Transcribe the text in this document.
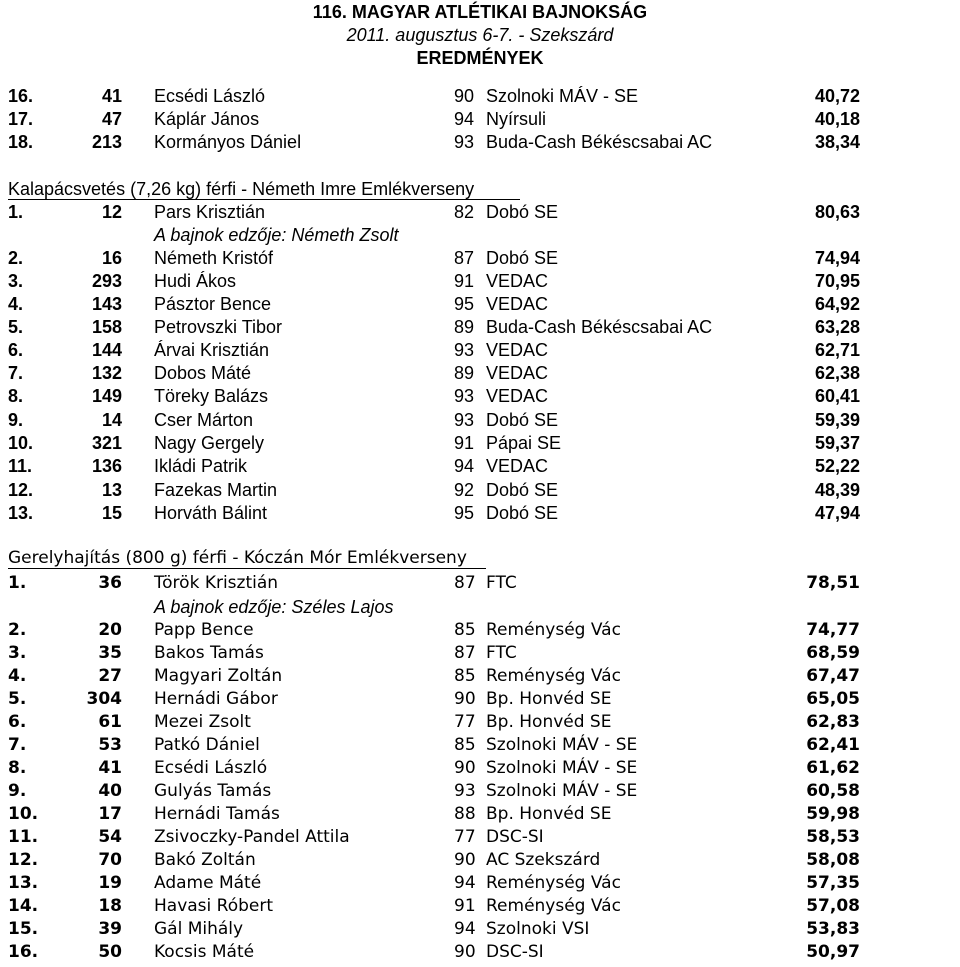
116. MAGYAR ATLÉTIKAI BAJNOKSÁG
2011. augusztus 6-7. - Szekszárd
EREDMÉNYEK
16.	41 Ecsédi László	90 Szolnoki MÁV - SE	40,72
17.	47 Káplár János	94 Nyírsuli	40,18
18.	213 Kormányos Dániel	93 Buda-Cash Békéscsabai AC	38,34
Kalapácsvetés (7,26 kg) férfi - Németh Imre Emlékverseny
1.	12 Pars Krisztián	82 Dobó SE	80,63
2.	16 Németh Kristóf	87 Dobó SE	74,94
3.	293 Hudi Ákos	91 VEDAC	70,95
4.	143 Pásztor Bence	95 VEDAC	64,92
5.	158 Petrovszki Tibor	89 Buda-Cash Békéscsabai AC	63,28
6.	144 Árvai Krisztián	93 VEDAC	62,71
7.	132 Dobos Máté	89 VEDAC	62,38
8.	149 Töreky Balázs	93 VEDAC	60,41
9.	14 Cser Márton	93 Dobó SE	59,39
10.	321 Nagy Gergely	91 Pápai SE	59,37
11.	136 Ikládi Patrik	94 VEDAC	52,22
12.	13 Fazekas Martin	92 Dobó SE	48,39
13.	15 Horváth Bálint	95 Dobó SE	47,94
A bajnok edzője: Németh Zsolt
Gerelyhajítás (800 g) férfi - Kóczán Mór Emlékverseny
1.	36 Török Krisztián	87 FTC	78,51
2.	20 Papp Bence	85 Reménység Vác	74,77
3.	35 Bakos Tamás	87 FTC	68,59
4.	27 Magyari Zoltán	85 Reménység Vác	67,47
5.	304 Hernádi Gábor	90 Bp. Honvéd SE	65,05
6.	61 Mezei Zsolt	77 Bp. Honvéd SE	62,83
7.	53 Patkó Dániel	85 Szolnoki MÁV - SE	62,41
8.	41 Ecsédi László	90 Szolnoki MÁV - SE	61,62
9.	40 Gulyás Tamás	93 Szolnoki MÁV - SE	60,58
10.	17 Hernádi Tamás	88 Bp. Honvéd SE	59,98
11.	54 Zsivoczky-Pandel Attila	77 DSC-SI	58,53
12.	70 Bakó Zoltán	90 AC Szekszárd	58,08
13.	19 Adame Máté	94 Reménység Vác	57,35
14.	18 Havasi Róbert	91 Reménység Vác	57,08
15.	39 Gál Mihály	94 Szolnoki VSI	53,83
16.	50 Kocsis Máté	90 DSC-SI	50,97
A bajnok edzője: Széles Lajos
